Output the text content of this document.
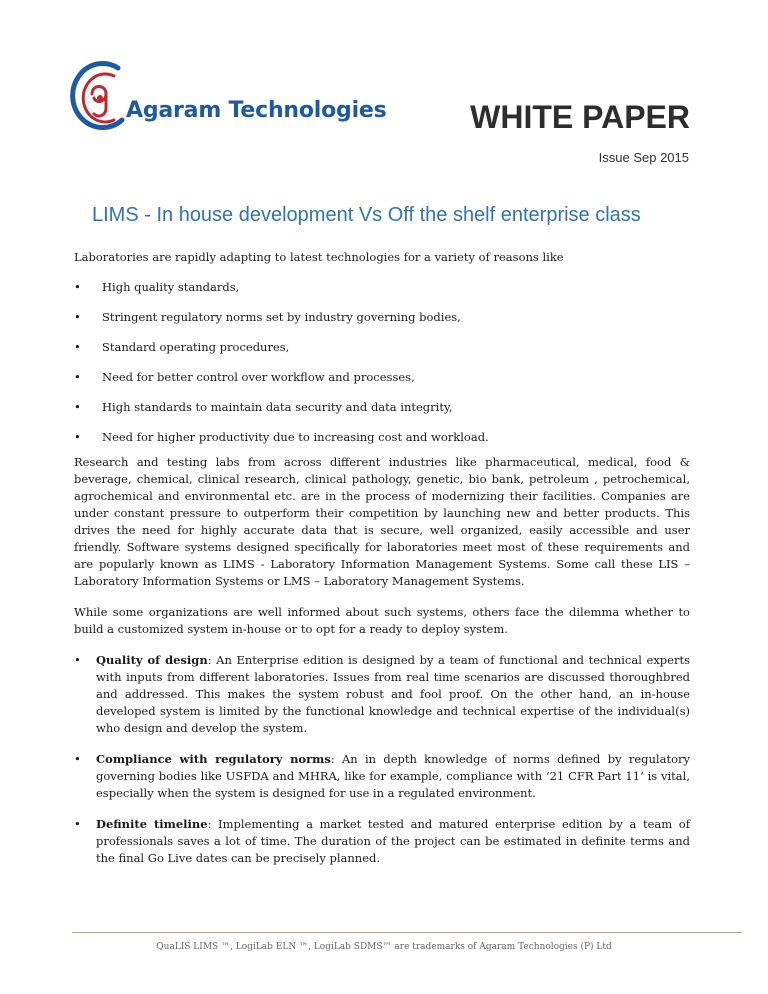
Agaram Technologies	WHITE PAPER
Issue Sep 2015
LIMS - In house development Vs Off the shelf enterprise class

Laboratories are rapidly adapting to latest technologies for a variety of reasons like

• High quality standards,
• Stringent regulatory norms set by industry governing bodies,
• Standard operating procedures,
• Need for better control over workflow and processes,
• High standards to maintain data security and data integrity,
• Need for higher productivity due to increasing cost and workload.

Research and testing labs from across different industries like pharmaceutical, medical, food & beverage, chemical, clinical research, clinical pathology, genetic, bio bank, petroleum , petrochemical, agrochemical and environmental etc. are in the process of modernizing their facilities. Companies are under constant pressure to outperform their competition by launching new and better products. This drives the need for highly accurate data that is secure, well organized, easily accessible and user friendly. Software systems designed specifically for laboratories meet most of these requirements and are popularly known as LIMS - Laboratory Information Management Systems. Some call these LIS – Laboratory Information Systems or LMS – Laboratory Management Systems.

While some organizations are well informed about such systems, others face the dilemma whether to build a customized system in-house or to opt for a ready to deploy system.

• Quality of design: An Enterprise edition is designed by a team of functional and technical experts with inputs from different laboratories. Issues from real time scenarios are discussed thoroughbred and addressed. This makes the system robust and fool proof. On the other hand, an in-house developed system is limited by the functional knowledge and technical expertise of the individual(s) who design and develop the system.
• Compliance with regulatory norms: An in depth knowledge of norms defined by regulatory governing bodies like USFDA and MHRA, like for example, compliance with ‘21 CFR Part 11’ is vital, especially when the system is designed for use in a regulated environment.
• Definite timeline: Implementing a market tested and matured enterprise edition by a team of professionals saves a lot of time. The duration of the project can be estimated in definite terms and the final Go Live dates can be precisely planned.
QuaLIS LIMS ™, LogiLab ELN ™, LogiLab SDMS™ are trademarks of Agaram Technologies (P) Ltd
